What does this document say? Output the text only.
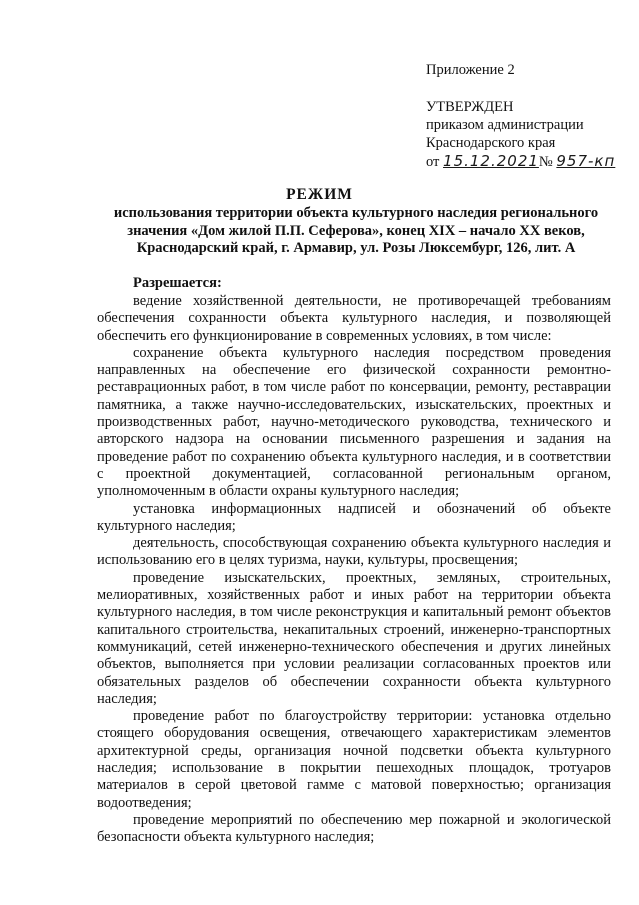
Приложение 2
УТВЕРЖДЕН
приказом администрации
Краснодарского края
от 15.12.2021№ 957-кп
РЕЖИМ
использования территории объекта культурного наследия регионального
значения «Дом жилой П.П. Сеферова», конец XIX – начало XX веков,
Краснодарский край, г. Армавир, ул. Розы Люксембург, 126, лит. А
Разрешается:

ведение хозяйственной деятельности, не противоречащей требованиям обеспечения сохранности объекта культурного наследия, и позволяющей обеспечить его функционирование в современных условиях, в том числе:

сохранение объекта культурного наследия посредством проведения направленных на обеспечение его физической сохранности ремонтно-реставрационных работ, в том числе работ по консервации, ремонту, реставрации памятника, а также научно-исследовательских, изыскательских, проектных и производственных работ, научно-методического руководства, технического и авторского надзора на основании письменного разрешения и задания на проведение работ по сохранению объекта культурного наследия, и в соответствии с проектной документацией, согласованной региональным органом, уполномоченным в области охраны культурного наследия;

установка информационных надписей и обозначений об объекте культурного наследия;

деятельность, способствующая сохранению объекта культурного наследия и использованию его в целях туризма, науки, культуры, просвещения;

проведение изыскательских, проектных, земляных, строительных, мелиоративных, хозяйственных работ и иных работ на территории объекта культурного наследия, в том числе реконструкция и капитальный ремонт объектов капитального строительства, некапитальных строений, инженерно-транспортных коммуникаций, сетей инженерно-технического обеспечения и других линейных объектов, выполняется при условии реализации согласованных проектов или обязательных разделов об обеспечении сохранности объекта культурного наследия;

проведение работ по благоустройству территории: установка отдельно стоящего оборудования освещения, отвечающего характеристикам элементов архитектурной среды, организация ночной подсветки объекта культурного наследия; использование в покрытии пешеходных площадок, тротуаров материалов в серой цветовой гамме с матовой поверхностью; организация водоотведения;

проведение мероприятий по обеспечению мер пожарной и экологической безопасности объекта культурного наследия;
